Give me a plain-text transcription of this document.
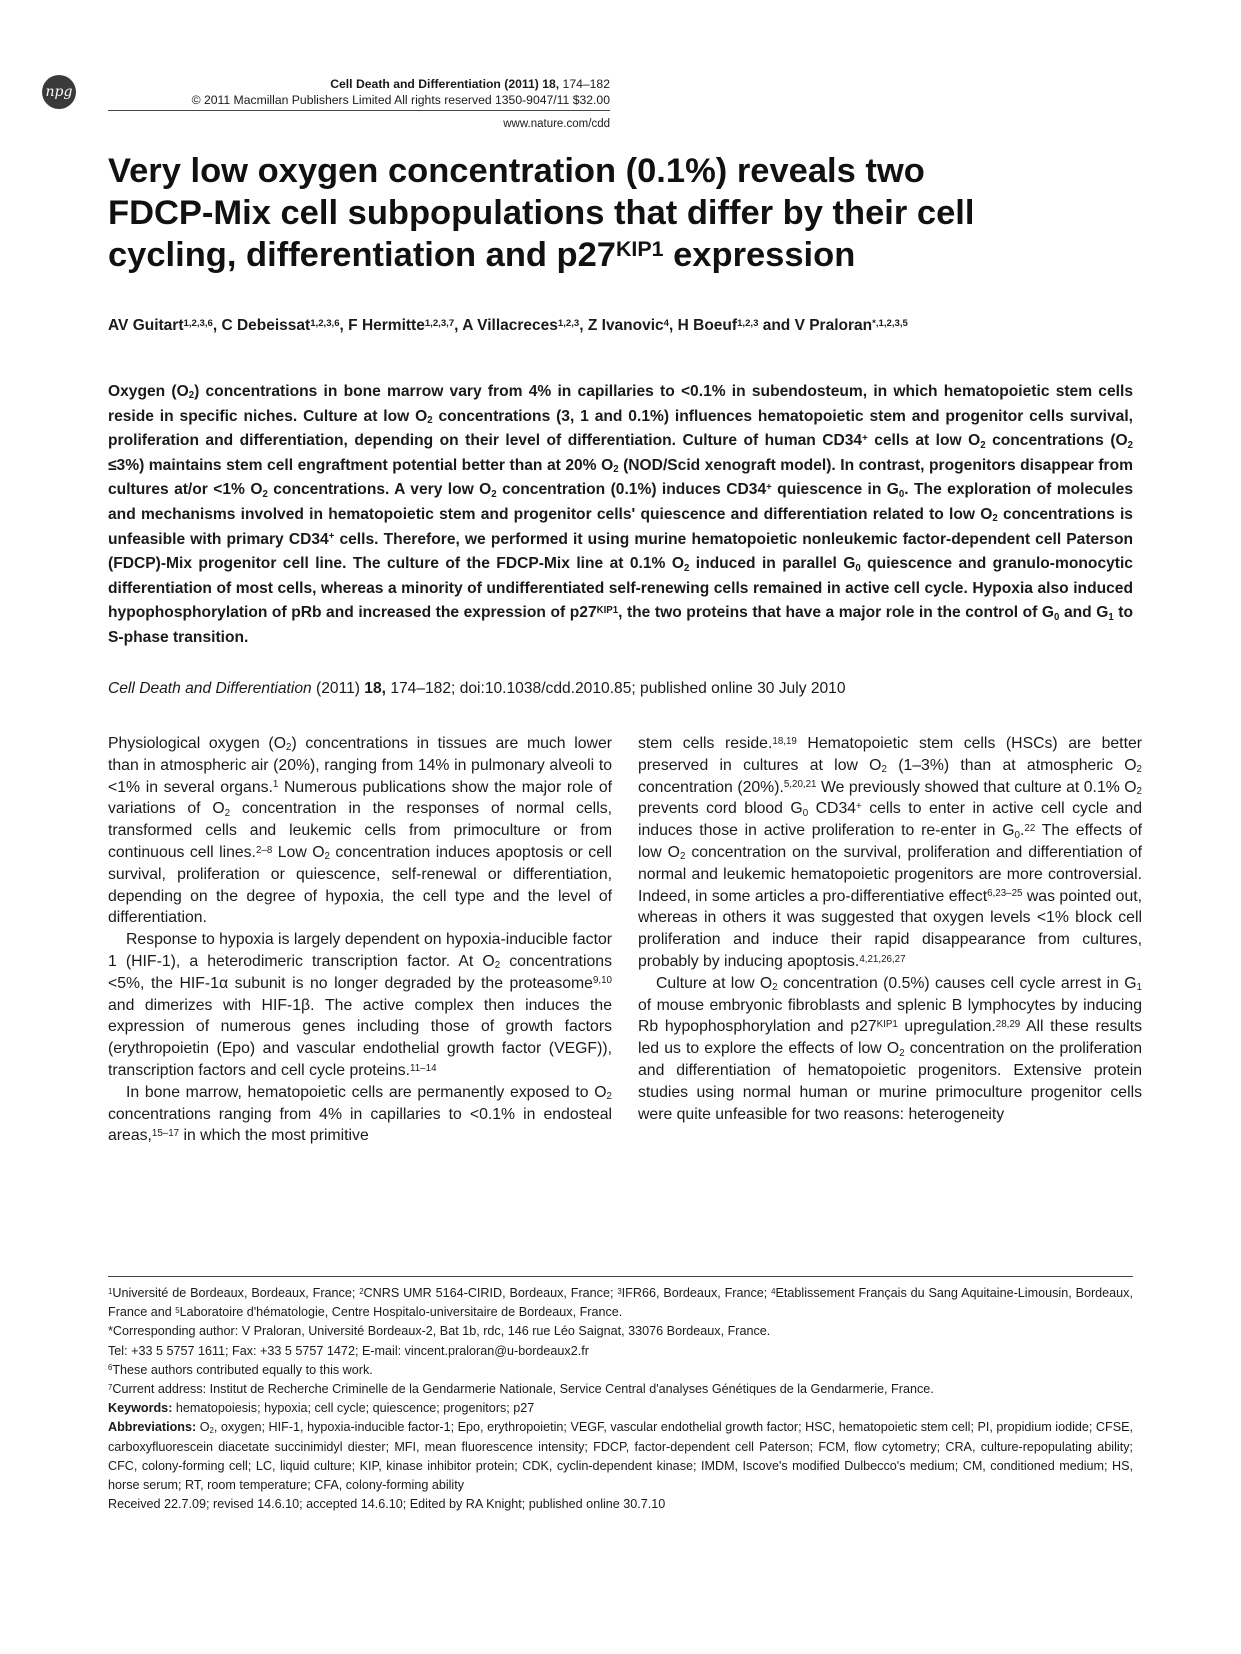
npg	Cell Death and Differentiation (2011) 18, 174–182
© 2011 Macmillan Publishers Limited All rights reserved 1350-9047/11 $32.00
www.nature.com/cdd
Very low oxygen concentration (0.1%) reveals two
FDCP-Mix cell subpopulations that differ by their cell
cycling, differentiation and $p27^{KIP1}$ expression
AV Guitart$^{1,2,3,6}$, C Debeissat$^{1,2,3,6}$, F Hermitte$^{1,2,3,7}$, A Villacreces$^{1,2,3}$, Z Ivanovic$^4$, H Boeuf$^{1,2,3}$ and V Praloran$^{*,1,2,3,5}$

Oxygen $(O_2)$ concentrations in bone marrow vary from 4% in capillaries to <0.1% in subendosteum, in which hematopoietic stem cells reside in specific niches. Culture at low $O_2$ concentrations (3, 1 and 0.1%) influences hematopoietic stem and progenitor cells survival, proliferation and differentiation, depending on their level of differentiation. Culture of human CD34+ cells at low $O_2$ concentrations $(O_2 \le 3\%)$ maintains stem cell engraftment potential better than at 20% $O_2$ (NOD/Scid xenograft model). In contrast, progenitors disappear from cultures at/or <1% $O_2$ concentrations. A very low $O_2$ concentration (0.1%) induces CD34+ quiescence in $G_0$. The exploration of molecules and mechanisms involved in hematopoietic stem and progenitor cells' quiescence and differentiation related to low $O_2$ concentrations is unfeasible with primary CD34+ cells. Therefore, we performed it using murine hematopoietic nonleukemic factor-dependent cell Paterson (FDCP)-Mix progenitor cell line. The culture of the FDCP-Mix line at 0.1% $O_2$ induced in parallel $G_0$ quiescence and granulo-monocytic differentiation of most cells, whereas a minority of undifferentiated self-renewing cells remained in active cell cycle. Hypoxia also induced hypophosphorylation of pRb and increased the expression of $p27^{KIP1}$, the two proteins that have a major role in the control of $G_0$ and $G_1$ to S-phase transition.

Cell Death and Differentiation (2011) 18, 174–182; doi:10.1038/cdd.2010.85; published online 30 July 2010

Physiological oxygen $(O_2)$ concentrations in tissues are much lower than in atmospheric air (20%), ranging from 14% in pulmonary alveoli to <1% in several organs.$^1$ Numerous publications show the major role of variations of $O_2$ concentration in the responses of normal cells, transformed cells and leukemic cells from primoculture or from continuous cell lines.$^{2-8}$ Low $O_2$ concentration induces apoptosis or cell survival, proliferation or quiescence, self-renewal or differentiation, depending on the degree of hypoxia, the cell type and the level of differentiation.

Response to hypoxia is largely dependent on hypoxia-inducible factor 1 (HIF-1), a heterodimeric transcription factor. At $O_2$ concentrations <5%, the HIF-1α subunit is no longer degraded by the proteasome$^{9,10}$ and dimerizes with HIF-1β. The active complex then induces the expression of numerous genes including those of growth factors (erythropoietin (Epo) and vascular endothelial growth factor (VEGF)), transcription factors and cell cycle proteins.$^{11-14}$

In bone marrow, hematopoietic cells are permanently exposed to $O_2$ concentrations ranging from 4% in capillaries to <0.1% in endosteal areas,$^{15-17}$ in which the most primitive

stem cells reside.$^{18,19}$ Hematopoietic stem cells (HSCs) are better preserved in cultures at low $O_2$ (1–3%) than at atmospheric $O_2$ concentration (20%).$^{5,20,21}$ We previously showed that culture at 0.1% $O_2$ prevents cord blood $G_0$ CD34+ cells to enter in active cell cycle and induces those in active proliferation to re-enter in $G_0.^{22}$ The effects of low $O_2$ concentration on the survival, proliferation and differentiation of normal and leukemic hematopoietic progenitors are more controversial. Indeed, in some articles a pro-differentiative effect$^{6,23-25}$ was pointed out, whereas in others it was suggested that oxygen levels <1% block cell proliferation and induce their rapid disappearance from cultures, probably by inducing apoptosis.$^{4,21,26,27}$

Culture at low $O_2$ concentration (0.5%) causes cell cycle arrest in $G_1$ of mouse embryonic fibroblasts and splenic B lymphocytes by inducing Rb hypophosphorylation and $p27^{KIP1}$ upregulation.$^{28,29}$ All these results led us to explore the effects of low $O_2$ concentration on the proliferation and differentiation of hematopoietic progenitors. Extensive protein studies using normal human or murine primoculture progenitor cells were quite unfeasible for two reasons: heterogeneity

$^1$Université de Bordeaux, Bordeaux, France; $^2$CNRS UMR 5164-CIRID, Bordeaux, France; $^3$IFR66, Bordeaux, France; $^4$Etablissement Français du Sang Aquitaine-Limousin, Bordeaux, France and $^5$Laboratoire d'hématologie, Centre Hospitalo-universitaire de Bordeaux, France.

*Corresponding author: V Praloran, Université Bordeaux-2, Bat 1b, rdc, 146 rue Léo Saignat, 33076 Bordeaux, France.

Tel: +33 5 5757 1611; Fax: +33 5 5757 1472; E-mail: vincent.praloran@u-bordeaux2.fr

$^6$These authors contributed equally to this work.

$^7$Current address: Institut de Recherche Criminelle de la Gendarmerie Nationale, Service Central d'analyses Génétiques de la Gendarmerie, France.

Keywords: hematopoiesis; hypoxia; cell cycle; quiescence; progenitors; p27

Abbreviations: $O_2$, oxygen; HIF-1, hypoxia-inducible factor-1; Epo, erythropoietin; VEGF, vascular endothelial growth factor; HSC, hematopoietic stem cell; PI, propidium iodide; CFSE, carboxyfluorescein diacetate succinimidyl diester; MFI, mean fluorescence intensity; FDCP, factor-dependent cell Paterson; FCM, flow cytometry; CRA, culture-repopulating ability; CFC, colony-forming cell; LC, liquid culture; KIP, kinase inhibitor protein; CDK, cyclin-dependent kinase; IMDM, Iscove's modified Dulbecco's medium; CM, conditioned medium; HS, horse serum; RT, room temperature; CFA, colony-forming ability

Received 22.7.09; revised 14.6.10; accepted 14.6.10; Edited by RA Knight; published online 30.7.10
